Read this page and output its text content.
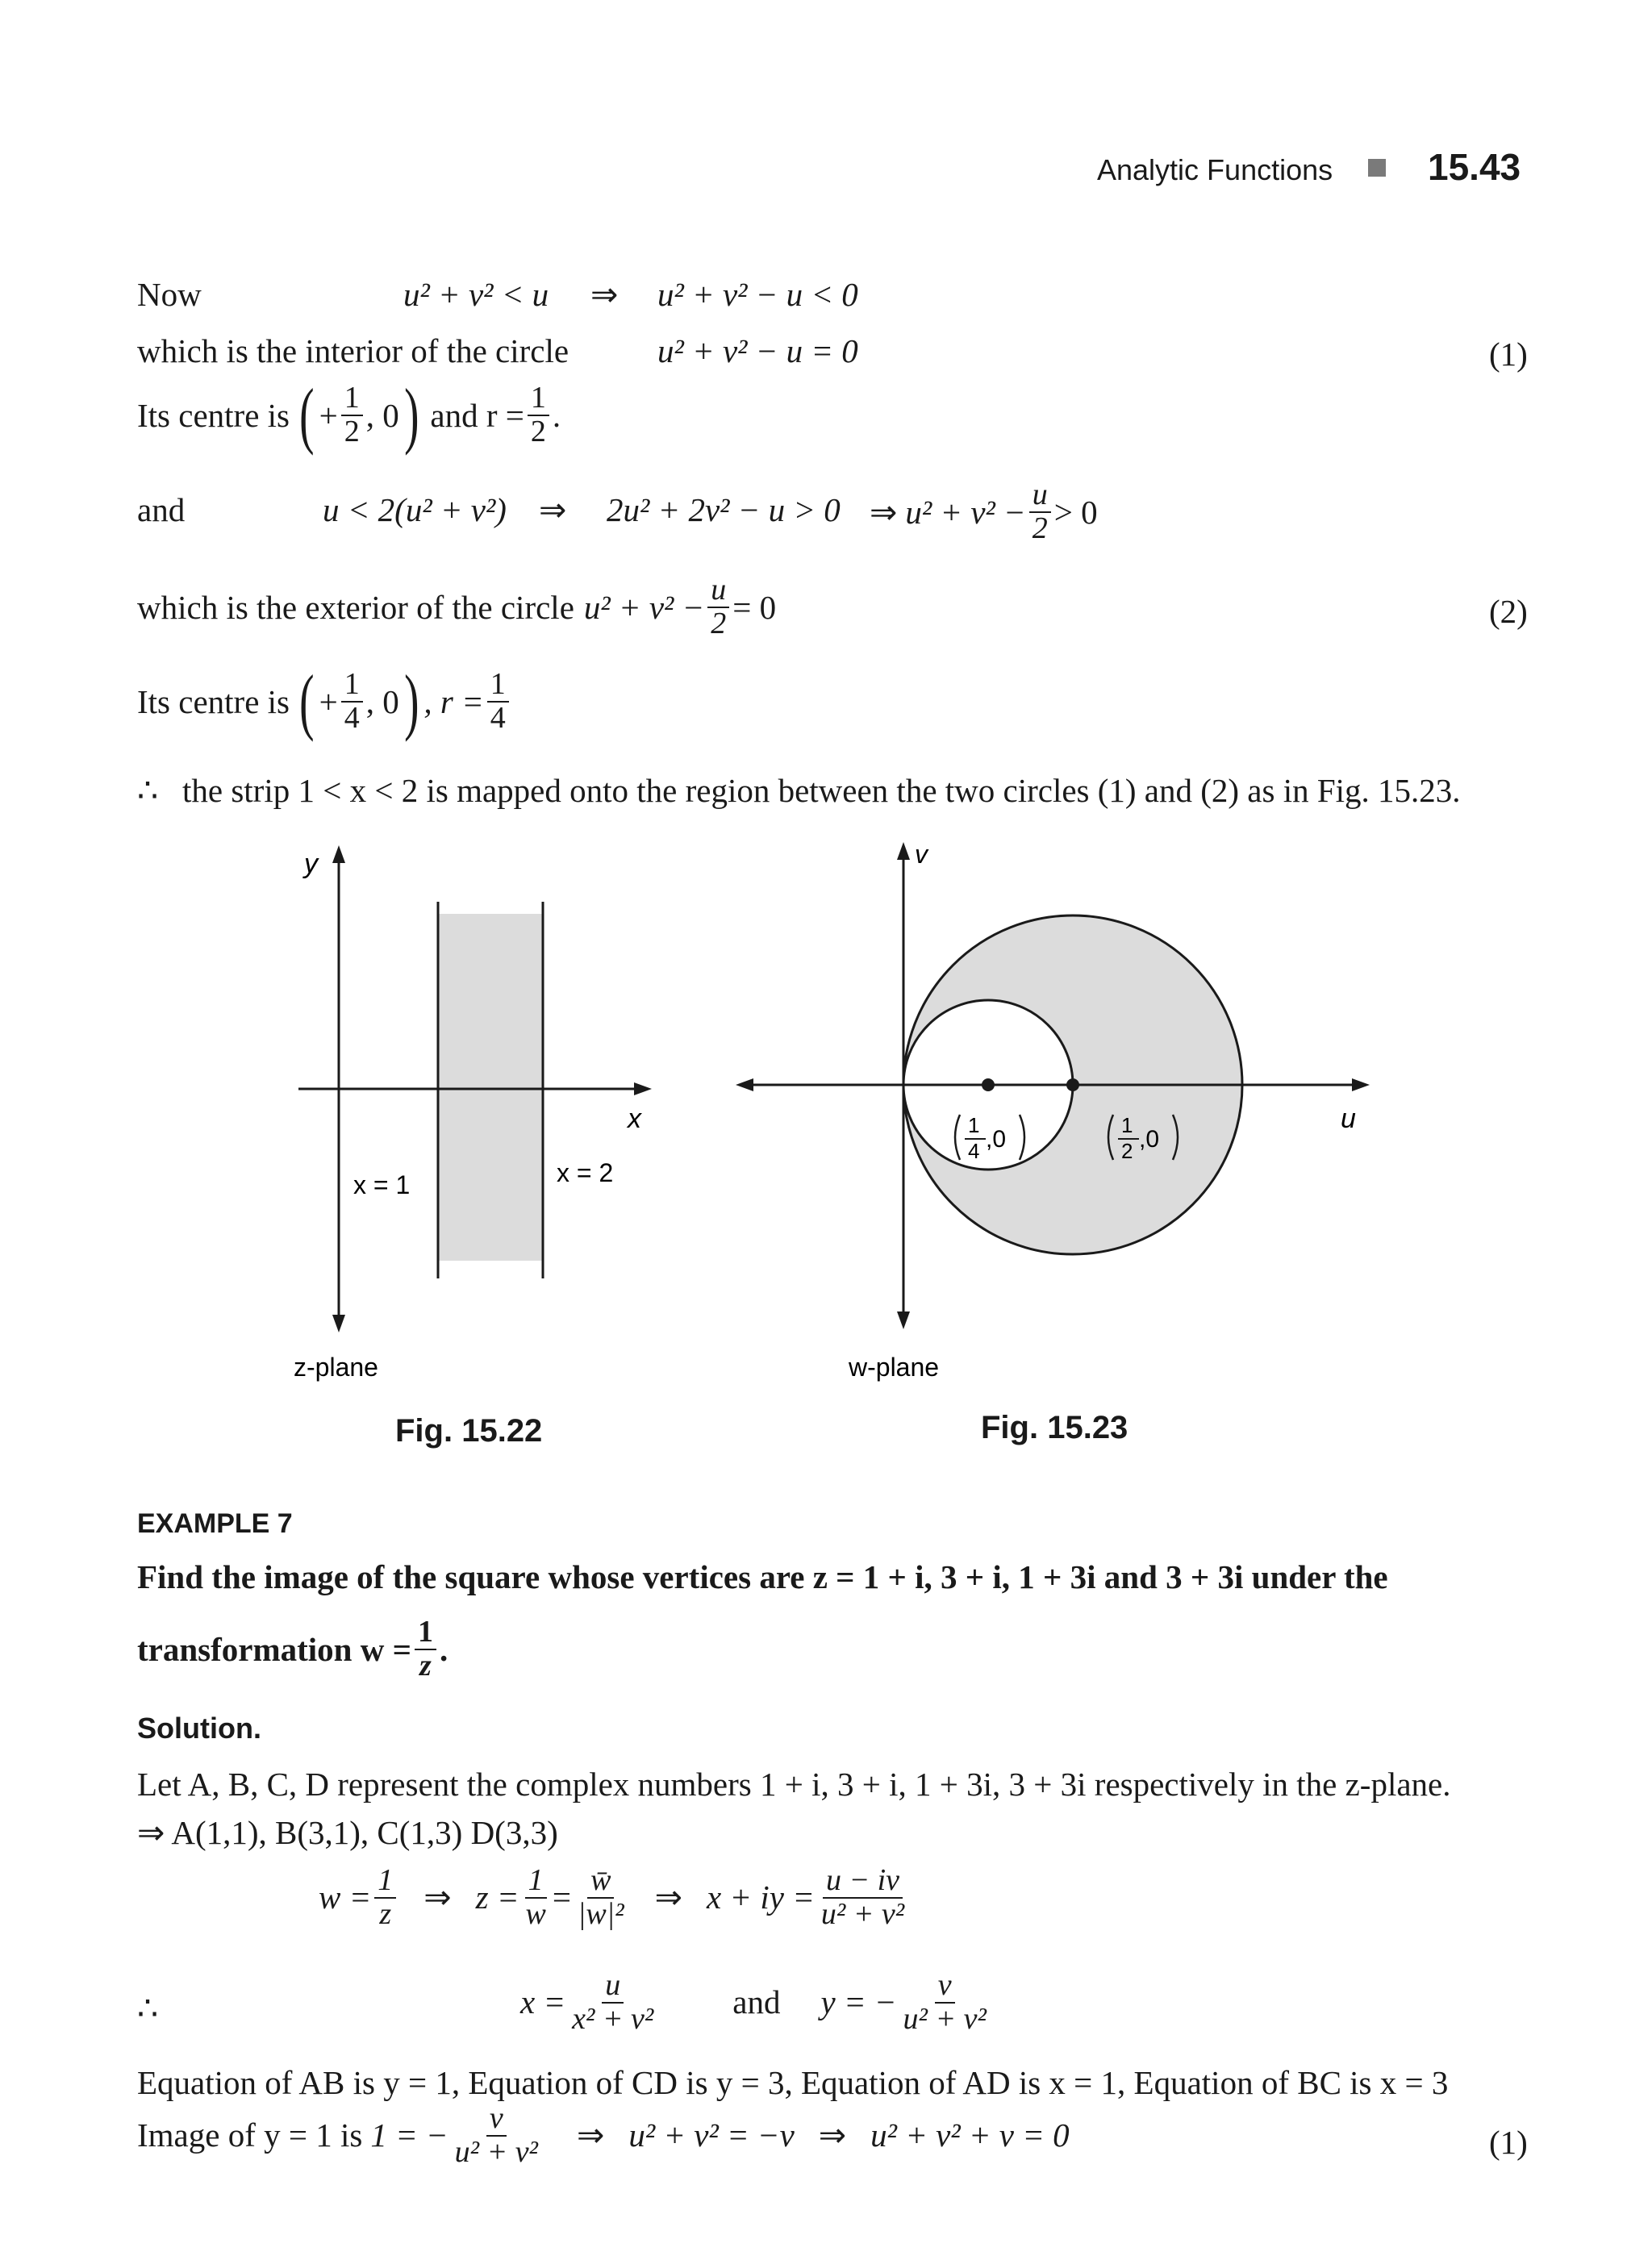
Analytic Functions	15.43
Now	u² + v² < u ⇒ u² + v² − u < 0
which is the interior of the circle	u² + v² − u = 0	(1)
Its centre is ( + $\frac{1}{2}$ , 0 ) and $r = \frac{1}{2}$ .
and	u < 2(u² + v²) ⇒ 2u² + 2v² − u > 0 ⇒ $u^2 + v^2 - \frac{u}{2} > 0$
which is the exterior of the circle $u^2 + v^2 - \frac{u}{2} = 0$	(2)
Its centre is ( + $\frac{1}{4}$ , 0 ) , $r = \frac{1}{4}$
∴ the strip 1 < x < 2 is mapped onto the region between the two circles (1) and (2) as in Fig. 15.23.
y
x
x = 1	x = 2
z-plane
Fig. 15.22
v
u
1
4 ,0
1
2 ,0
w-plane
Fig. 15.23
EXAMPLE 7
Find the image of the square whose vertices are z = 1 + i, 3 + i, 1 + 3i and 3 + 3i under the
transformation $w = \frac{1}{z}$ .
Solution.
Let A, B, C, D represent the complex numbers 1 + i, 3 + i, 1 + 3i, 3 + 3i respectively in the z-plane.
⇒ A(1,1), B(3,1), C(1,3) D(3,3)
$w = \frac{1}{z}$ ⇒ $z = \frac{1}{w} = \frac{w̄}{\text{|w|²}}$ ⇒ x + iy = $\frac{u - iv}{\text{u² + v²}}$
∴	$x = \frac{u}{\text{x² + v²}}$ and y = − $\frac{v}{\text{u² + v²}}$
Equation of AB is y = 1, Equation of CD is y = 3, Equation of AD is x = 1, Equation of BC is x = 3
Image of y = 1 is 1 = − $\frac{v}{\text{u² + v²}}$ ⇒ u² + v² = −v ⇒ u² + v² + v = 0	(1)
